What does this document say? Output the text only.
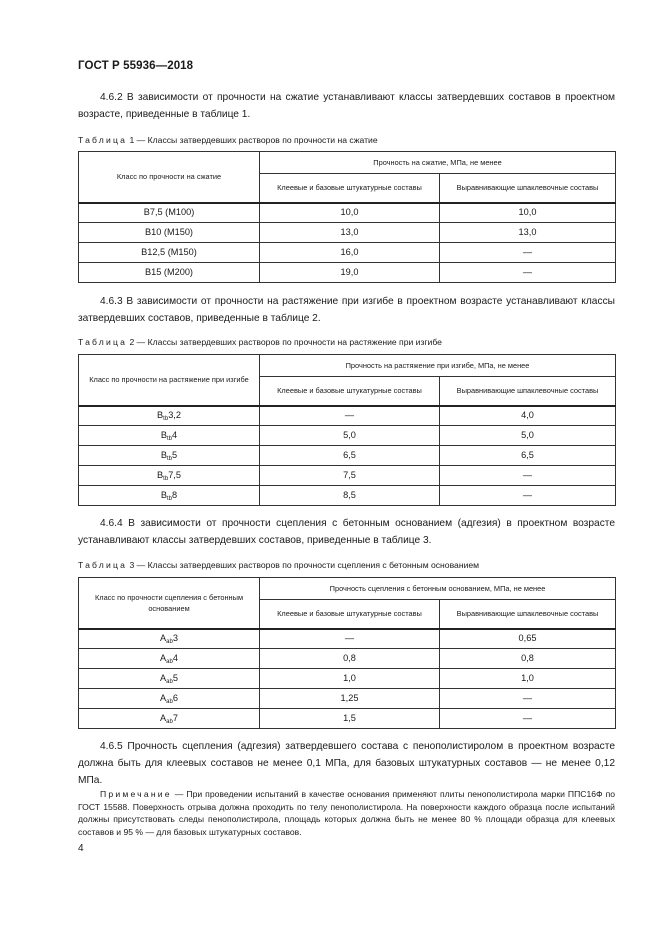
ГОСТ Р 55936—2018
4.6.2 В зависимости от прочности на сжатие устанавливают классы затвердевших составов в проектном возрасте, приведенные в таблице 1.
Таблица 1 — Классы затвердевших растворов по прочности на сжатие
Класс по прочности на сжатие	Прочность на сжатие, МПа, не менее	
	Клеевые и базовые штукатурные составы	Выравнивающие шпаклевочные составы
B7,5 (M100)	10,0	10,0
B10 (M150)	13,0	13,0
B12,5 (M150)	16,0	—
B15 (M200)	19,0	—
4.6.3 В зависимости от прочности на растяжение при изгибе в проектном возрасте устанавливают классы затвердевших составов, приведенные в таблице 2.
Таблица 2 — Классы затвердевших растворов по прочности на растяжение при изгибе
Класс по прочности на растяжение при изгибе	Прочность на растяжение при изгибе, МПа, не менее	
	Клеевые и базовые штукатурные составы	Выравнивающие шпаклевочные составы
$B_{tb}3,2$	—	4,0
$B_{tb}4$	5,0	5,0
$B_{tb}5$	6,5	6,5
$B_{tb}7,5$	7,5	—
$B_{tb}8$	8,5	—
4.6.4 В зависимости от прочности сцепления с бетонным основанием (адгезия) в проектном возрасте устанавливают классы затвердевших составов, приведенные в таблице 3.
Таблица 3 — Классы затвердевших растворов по прочности сцепления с бетонным основанием
Класс по прочности сцепления с бетонным основанием	Прочность сцепления с бетонным основанием, МПа, не менее	
	Клеевые и базовые штукатурные составы	Выравнивающие шпаклевочные составы
$A_{ab}3$	—	0,65
$A_{ab}4$	0,8	0,8
$A_{ab}5$	1,0	1,0
$A_{ab}6$	1,25	—
$A_{ab}7$	1,5	—
4.6.5 Прочность сцепления (адгезия) затвердевшего состава с пенополистиролом в проектном возрасте должна быть для клеевых составов не менее 0,1 МПа, для базовых штукатурных составов — не менее 0,12 МПа.
Примечание — При проведении испытаний в качестве основания применяют плиты пенополистирола марки ППС16Ф по ГОСТ 15588. Поверхность отрыва должна проходить по телу пенополистирола. На поверхности каждого образца после испытаний должны присутствовать следы пенополистирола, площадь которых должна быть не менее 80 % площади образца для клеевых составов и 95 % — для базовых штукатурных составов.
4
